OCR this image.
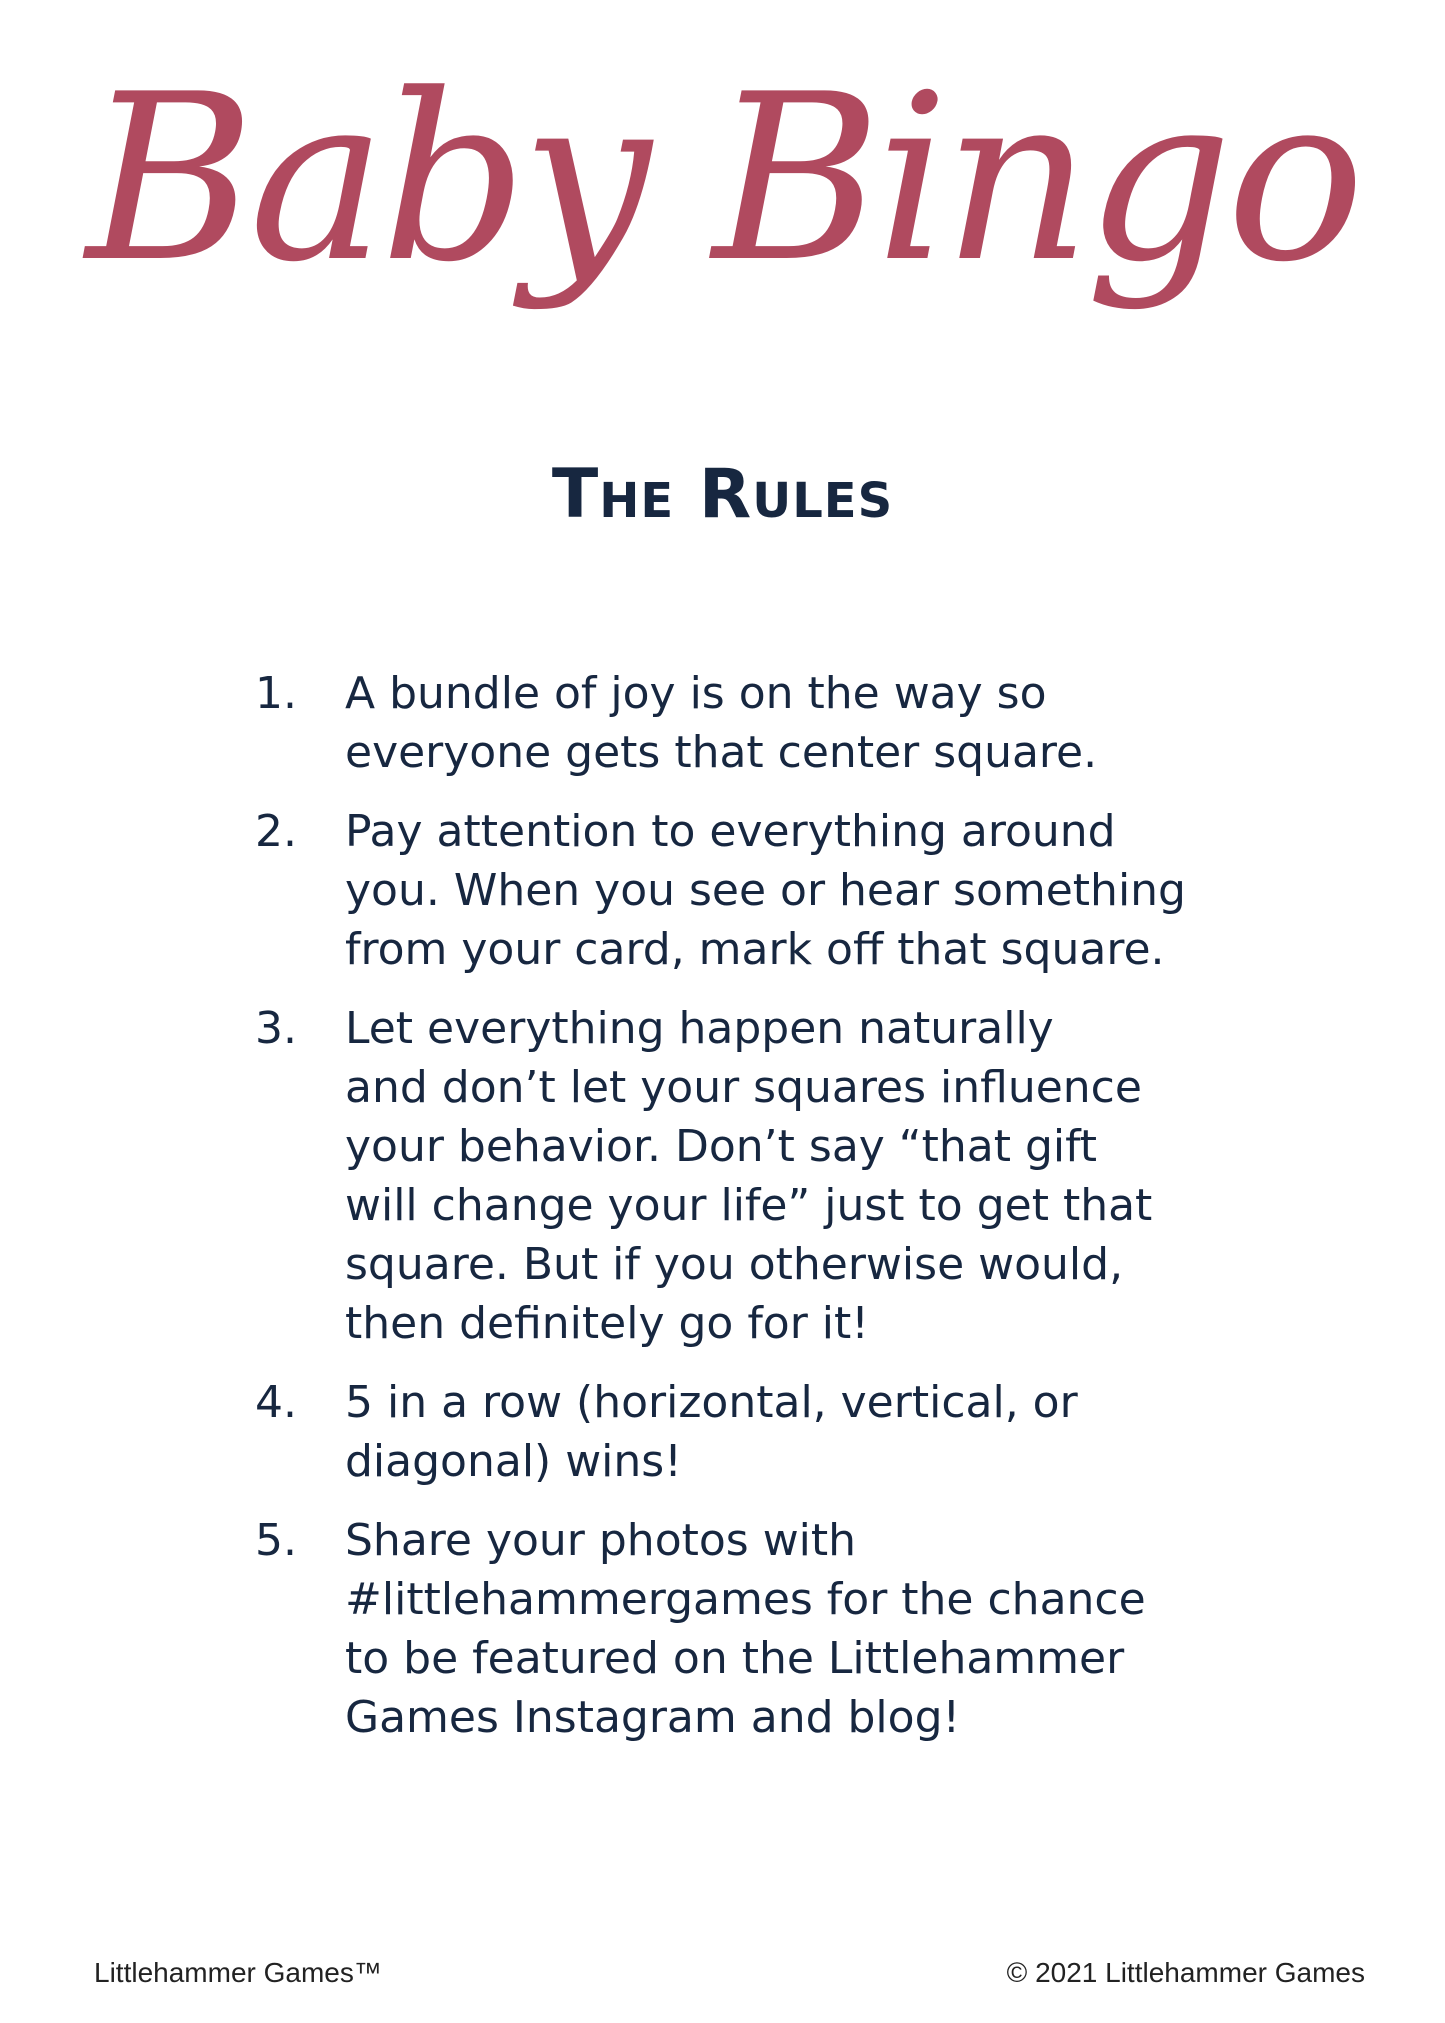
Baby Bingo
The Rules
1.	A bundle of joy is on the way so
everyone gets that center square.
2.	Pay attention to everything around
you. When you see or hear something
from your card, mark off that square.
3.	Let everything happen naturally
and don’t let your squares influence
your behavior. Don’t say “that gift
will change your life” just to get that
square. But if you otherwise would,
then definitely go for it!
4.	5 in a row (horizontal, vertical, or
diagonal) wins!
5.	Share your photos with
#littlehammergames for the chance
to be featured on the Littlehammer
Games Instagram and blog!
Littlehammer Games™	© 2021 Littlehammer Games
